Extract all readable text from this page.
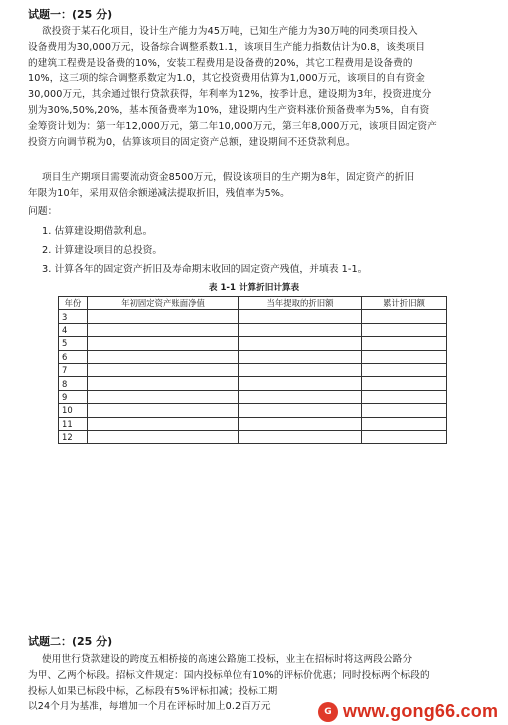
试题一：(25 分)
欲投资于某石化项目，设计生产能力为45万吨，已知生产能力为30万吨的同类项目投入
设备费用为30,000万元，设备综合调整系数1.1，该项目生产能力指数估计为0.8，该类项目
的建筑工程费是设备费的10%，安装工程费用是设备费的20%，其它工程费用是设备费的
10%，这三项的综合调整系数定为1.0，其它投资费用估算为1,000万元，该项目的自有资金
30,000万元，其余通过银行贷款获得，年利率为12%，按季计息，建设期为3年，投资进度分
别为30%,50%,20%，基本预备费率为10%，建设期内生产资料涨价预备费率为5%，自有资
金筹资计划为：第一年12,000万元，第二年10,000万元，第三年8,000万元，该项目固定资产
投资方向调节税为0，估算该项目的固定资产总额，建设期间不还贷款利息。
项目生产期项目需要流动资金8500万元，假设该项目的生产期为8年，固定资产的折旧
年限为10年，采用双倍余额递减法提取折旧，残值率为5%。
问题：
1. 估算建设期借款利息。
2. 计算建设项目的总投资。
3. 计算各年的固定资产折旧及寿命期末收回的固定资产残值，并填表 1-1。
表 1-1 计算折旧计算表
年份	年初固定资产账面净值	当年提取的折旧额	累计折旧额
3			
4			
5			
6			
7			
8			
9			
10			
11			
12			
试题二：(25 分)
使用世行贷款建设的跨度五相桥接的高速公路施工投标，业主在招标时将这两段公路分
为甲、乙两个标段。招标文件规定：国内投标单位有10%的评标价优惠；同时投标两个标段的
投标人如果已标段中标，乙标段有5%评标扣减；投标工期
以24个月为基准，每增加一个月在评标时加上0.2百万元	G www.gong66.com
